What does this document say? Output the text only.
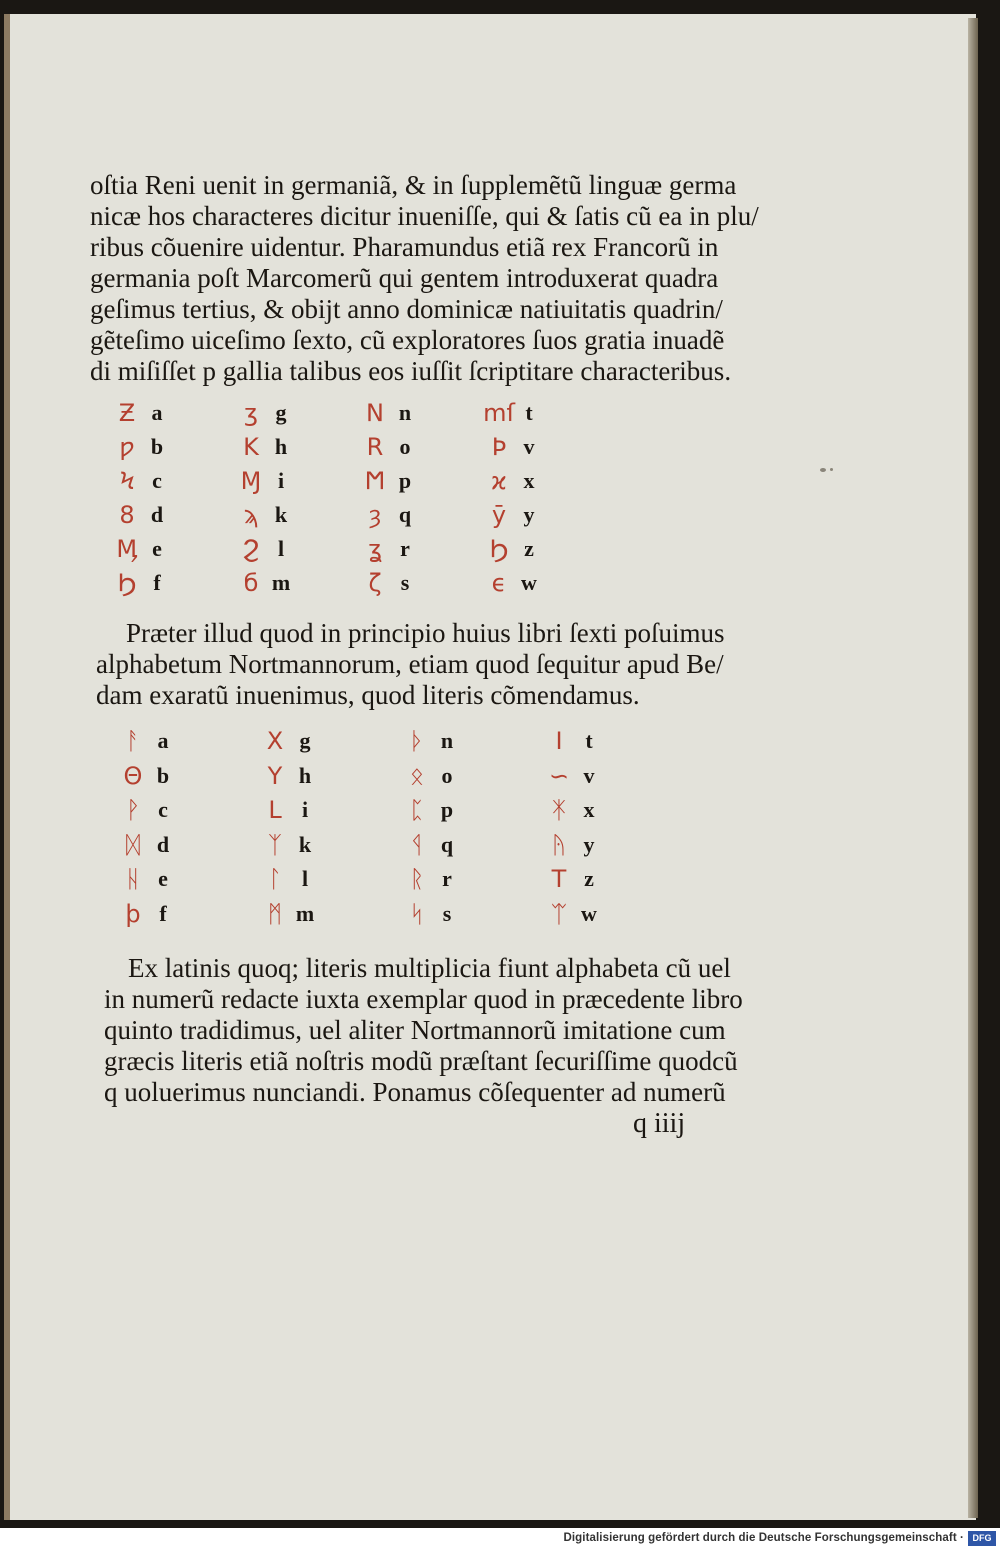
oſtia Reni uenit in germaniã, & in ſupplemẽtũ linguæ germa
nicæ hos characteres dicitur inueniſſe, qui & ſatis cũ ea in plu/
ribus cõuenire uidentur. Pharamundus etiã rex Francorũ in
germania poſt Marcomerũ qui gentem introduxerat quadra
geſimus tertius, & obijt anno dominicæ natiuitatis quadrin/
gẽteſimo uiceſimo ſexto, cũ exploratores ſuos gratia inuadẽ
di miſiſſet p gallia talibus eos iuſſit ſcriptitare characteribus.
Ƶ a
ƿ b
Ϟ c
8 d
Ӎ e
Ϧ f
ʒ g
K h
Ɱ i
ϡ k
Ϩ l
б m
Ν n
R o
Ϻ p
ȝ q
ʓ r
ζ s
mſ t
Ϸ v
ϰ x
ӯ y
Ϧ z
ϵ w
Præter illud quod in principio huius libri ſexti poſuimus
alphabetum Nortmannorum, etiam quod ſequitur apud Be/
dam exaratũ inuenimus, quod literis cõmendamus.
ᚨ a
Θ b
ᚹ c
ᛞ d
ᚺ e
ϸ f
X g
Y h
L i
ᛉ k
ᛚ l
ᛗ m
ᚦ n
ᛟ o
ᛈ p
ᛩ q
ᚱ r
ᛋ s
I	t
∽ v
ᛡ x
ᚤ y
T z
ᛠ w
Ex latinis quoq; literis multiplicia fiunt alphabeta cũ uel
in numerũ redacte iuxta exemplar quod in præcedente libro
quinto tradidimus, uel aliter Nortmannorũ imitatione cum
græcis literis etiã noſtris modũ præſtant ſecuriſſime quodcũ
q uoluerimus nunciandi. Ponamus cõſequenter ad numerũ
q iiij
Digitalisierung gefördert durch die Deutsche Forschungsgemeinschaft · DFG
